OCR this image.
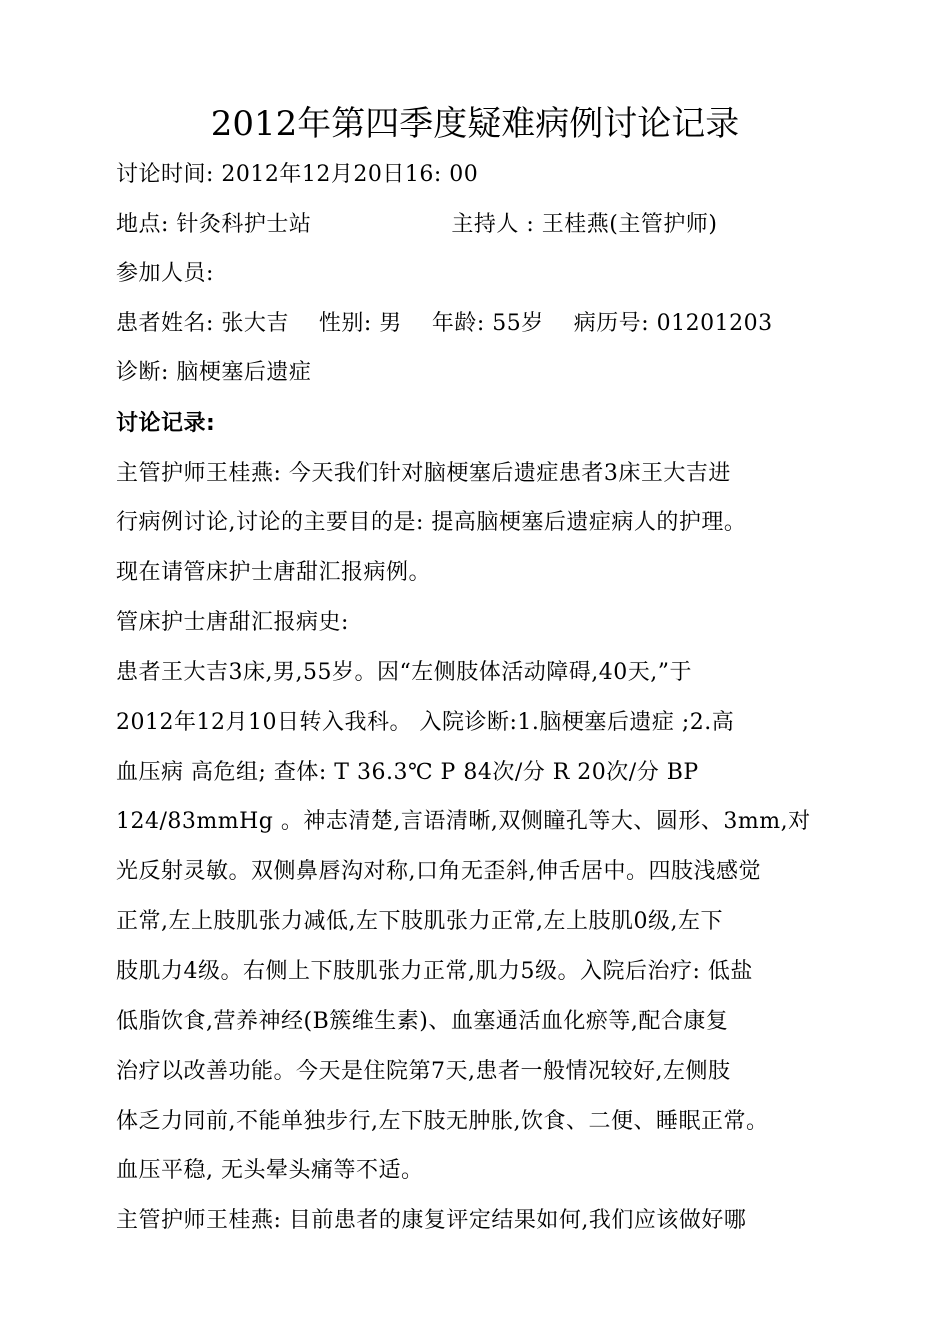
2012年第四季度疑难病例讨论记录
讨论时间: 2012年12月20日16: 00
地点: 针灸科护士站	主持人 : 王桂燕(主管护师)
参加人员:
患者姓名: 张大吉 性别: 男 年龄: 55岁 病历号: 01201203
诊断: 脑梗塞后遗症
讨论记录:
主管护师王桂燕: 今天我们针对脑梗塞后遗症患者3床王大吉进
行病例讨论,讨论的主要目的是: 提高脑梗塞后遗症病人的护理。
现在请管床护士唐甜汇报病例。
管床护士唐甜汇报病史:
患者王大吉3床,男,55岁。因“左侧肢体活动障碍,40天,”于
2012年12月10日转入我科。 入院诊断:1.脑梗塞后遗症 ;2.高
血压病 高危组; 查体: T 36.3℃ P 84次/分 R 20次/分 BP
124/83mmHg 。神志清楚,言语清晰,双侧瞳孔等大、圆形、3mm,对
光反射灵敏。双侧鼻唇沟对称,口角无歪斜,伸舌居中。四肢浅感觉
正常,左上肢肌张力减低,左下肢肌张力正常,左上肢肌0级,左下
肢肌力4级。右侧上下肢肌张力正常,肌力5级。入院后治疗: 低盐
低脂饮食,营养神经(B簇维生素)、血塞通活血化瘀等,配合康复
治疗以改善功能。今天是住院第7天,患者一般情况较好,左侧肢
体乏力同前,不能单独步行,左下肢无肿胀,饮食、二便、睡眠正常。
血压平稳, 无头晕头痛等不适。
主管护师王桂燕: 目前患者的康复评定结果如何,我们应该做好哪
